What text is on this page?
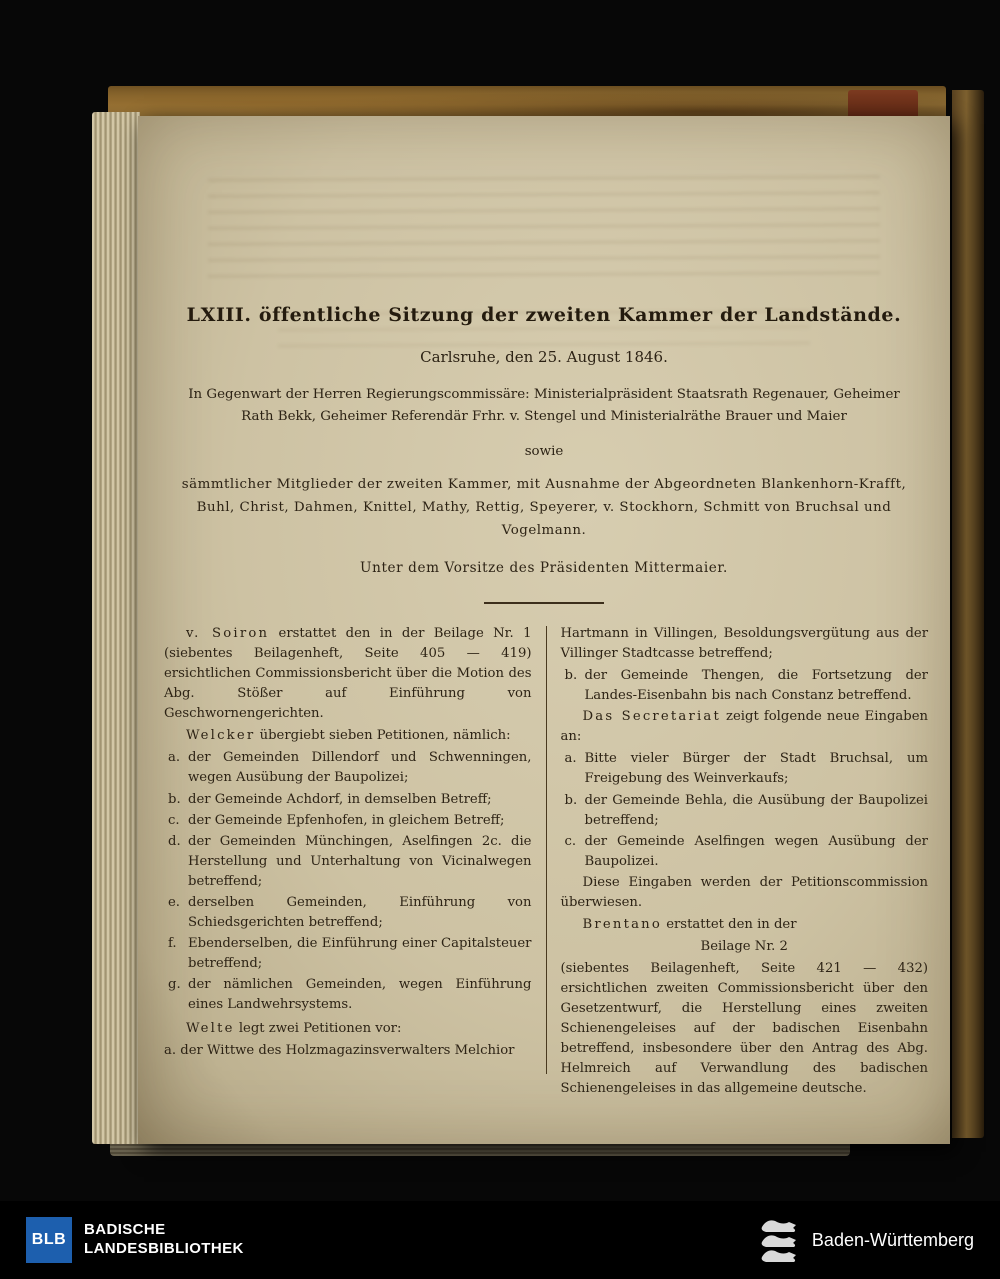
LXIII. öffentliche Sitzung der zweiten Kammer der Landstände.
Carlsruhe, den 25. August 1846.

In Gegenwart der Herren Regierungscommissäre: Ministerialpräsident Staatsrath Regenauer, Geheimer Rath Bekk, Geheimer Referendär Frhr. v. Stengel und Ministerialräthe Brauer und Maier

sowie

sämmtlicher Mitglieder der zweiten Kammer, mit Ausnahme der Abgeordneten Blankenhorn-Krafft, Buhl, Christ, Dahmen, Knittel, Mathy, Rettig, Speyerer, v. Stockhorn, Schmitt von Bruchsal und Vogelmann.

Unter dem Vorsitze des Präsidenten Mittermaier.

v. Soiron erstattet den in der Beilage Nr. 1 (siebentes Beilagenheft, Seite 405 — 419) ersichtlichen Commissionsbericht über die Motion des Abg. Stößer auf Einführung von Geschwornengerichten.

Welcker übergiebt sieben Petitionen, nämlich:

a. der Gemeinden Dillendorf und Schwenningen, wegen Ausübung der Baupolizei;
b. der Gemeinde Achdorf, in demselben Betreff;
c. der Gemeinde Epfenhofen, in gleichem Betreff;
d. der Gemeinden Münchingen, Aselfingen 2c. die Herstellung und Unterhaltung von Vicinalwegen betreffend;
e. derselben Gemeinden, Einführung von Schiedsgerichten betreffend;
f. Ebenderselben, die Einführung einer Capitalsteuer betreffend;
g. der nämlichen Gemeinden, wegen Einführung eines Landwehrsystems.

Welte legt zwei Petitionen vor:

a. der Wittwe des Holzmagazinsverwalters Melchior

Hartmann in Villingen, Besoldungsvergütung aus der Villinger Stadtcasse betreffend;

b. der Gemeinde Thengen, die Fortsetzung der Landes-Eisenbahn bis nach Constanz betreffend.

Das Secretariat zeigt folgende neue Eingaben an:

a. Bitte vieler Bürger der Stadt Bruchsal, um Freigebung des Weinverkaufs;
b. der Gemeinde Behla, die Ausübung der Baupolizei betreffend;
c. der Gemeinde Aselfingen wegen Ausübung der Baupolizei.

Diese Eingaben werden der Petitionscommission überwiesen.

Brentano erstattet den in der

Beilage Nr. 2

(siebentes Beilagenheft, Seite 421 — 432) ersichtlichen zweiten Commissionsbericht über den Gesetzentwurf, die Herstellung eines zweiten Schienengeleises auf der badischen Eisenbahn betreffend, insbesondere über den Antrag des Abg. Helmreich auf Verwandlung des badischen Schienengeleises in das allgemeine deutsche.

BLB
BADISCHE
LANDESBIBLIOTHEK	Baden-Württemberg
